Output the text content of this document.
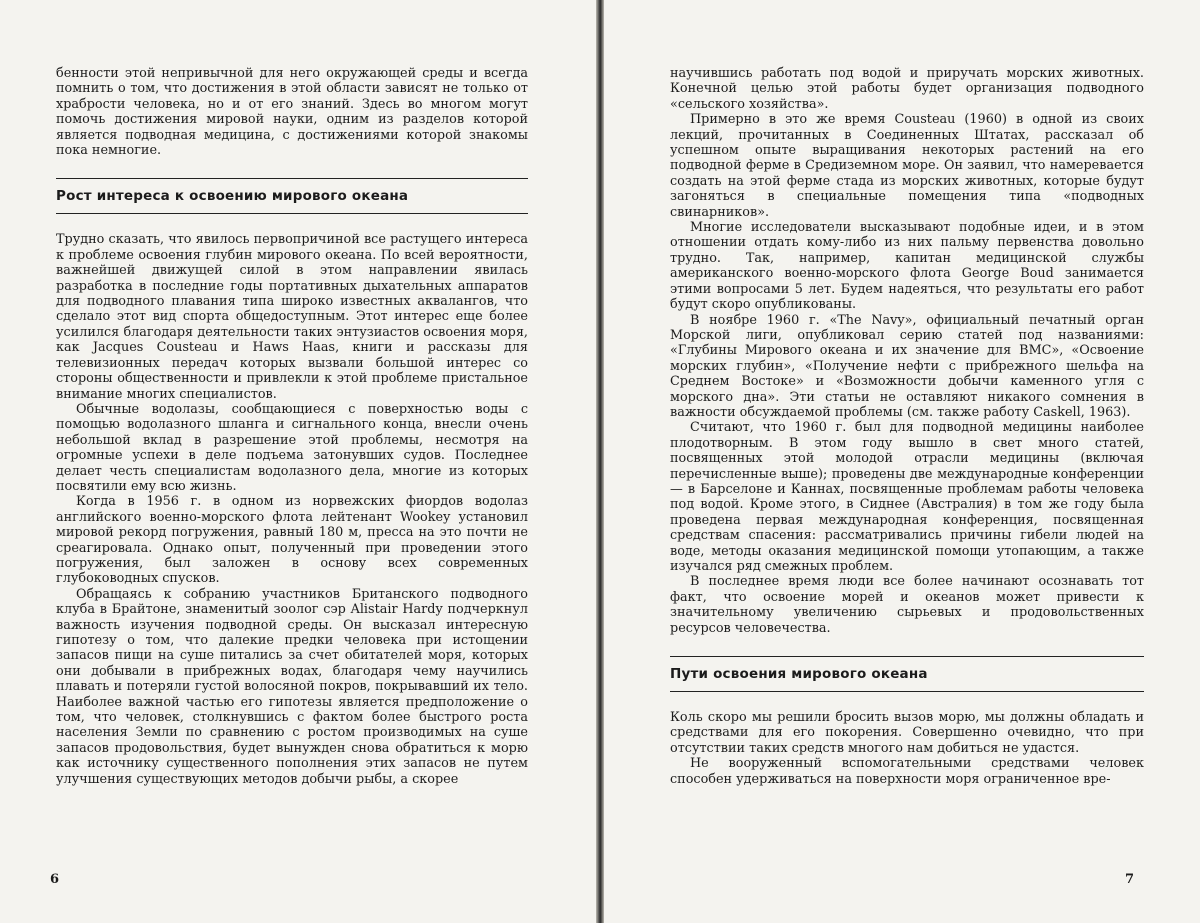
бенности этой непривычной для него окружающей среды и всегда помнить о том, что достижения в этой области зависят не только от храбрости человека, но и от его знаний. Здесь во многом могут помочь достижения мировой науки, одним из разделов которой является подводная медицина, с достижениями которой знакомы пока немногие.

Рост интереса к освоению мирового океана

Трудно сказать, что явилось первопричиной все растущего интереса к проблеме освоения глубин мирового океана. По всей вероятности, важнейшей движущей силой в этом направлении явилась разработка в последние годы портативных дыхательных аппаратов для подводного плавания типа широко известных аквалангов, что сделало этот вид спорта общедоступным. Этот интерес еще более усилился благодаря деятельности таких энтузиастов освоения моря, как Jacques Cousteau и Haws Haas, книги и рассказы для телевизионных передач которых вызвали большой интерес со стороны общественности и привлекли к этой проблеме пристальное внимание многих специалистов.

Обычные водолазы, сообщающиеся с поверхностью воды с помощью водолазного шланга и сигнального конца, внесли очень небольшой вклад в разрешение этой проблемы, несмотря на огромные успехи в деле подъема затонувших судов. Последнее делает честь специалистам водолазного дела, многие из которых посвятили ему всю жизнь.

Когда в 1956 г. в одном из норвежских фиордов водолаз английского военно-морского флота лейтенант Wookey установил мировой рекорд погружения, равный 180 м, пресса на это почти не среагировала. Однако опыт, полученный при проведении этого погружения, был заложен в основу всех современных глубоководных спусков.

Обращаясь к собранию участников Британского подводного клуба в Брайтоне, знаменитый зоолог сэр Alistair Hardy подчеркнул важность изучения подводной среды. Он высказал интересную гипотезу о том, что далекие предки человека при истощении запасов пищи на суше питались за счет обитателей моря, которых они добывали в прибрежных водах, благодаря чему научились плавать и потеряли густой волосяной покров, покрывавший их тело. Наиболее важной частью его гипотезы является предположение о том, что человек, столкнувшись с фактом более быстрого роста населения Земли по сравнению с ростом производимых на суше запасов продовольствия, будет вынужден снова обратиться к морю как источнику существенного пополнения этих запасов не путем улучшения существующих методов добычи рыбы, а скорее

6

научившись работать под водой и приручать морских животных. Конечной целью этой работы будет организация подводного «сельского хозяйства».

Примерно в это же время Cousteau (1960) в одной из своих лекций, прочитанных в Соединенных Штатах, рассказал об успешном опыте выращивания некоторых растений на его подводной ферме в Средиземном море. Он заявил, что намеревается создать на этой ферме стада из морских животных, которые будут загоняться в специальные помещения типа «подводных свинарников».

Многие исследователи высказывают подобные идеи, и в этом отношении отдать кому-либо из них пальму первенства довольно трудно. Так, например, капитан медицинской службы американского военно-морского флота George Boud занимается этими вопросами 5 лет. Будем надеяться, что результаты его работ будут скоро опубликованы.

В ноябре 1960 г. «The Navy», официальный печатный орган Морской лиги, опубликовал серию статей под названиями: «Глубины Мирового океана и их значение для ВМС», «Освоение морских глубин», «Получение нефти с прибрежного шельфа на Среднем Востоке» и «Возможности добычи каменного угля с морского дна». Эти статьи не оставляют никакого сомнения в важности обсуждаемой проблемы (см. также работу Caskell, 1963).

Считают, что 1960 г. был для подводной медицины наиболее плодотворным. В этом году вышло в свет много статей, посвященных этой молодой отрасли медицины (включая перечисленные выше); проведены две международные конференции — в Барселоне и Каннах, посвященные проблемам работы человека под водой. Кроме этого, в Сиднее (Австралия) в том же году была проведена первая международная конференция, посвященная средствам спасения: рассматривались причины гибели людей на воде, методы оказания медицинской помощи утопающим, а также изучался ряд смежных проблем.

В последнее время люди все более начинают осознавать тот факт, что освоение морей и океанов может привести к значительному увеличению сырьевых и продовольственных ресурсов человечества.

Пути освоения мирового океана

Коль скоро мы решили бросить вызов морю, мы должны обладать и средствами для его покорения. Совершенно очевидно, что при отсутствии таких средств многого нам добиться не удастся.

Не вооруженный вспомогательными средствами человек способен удерживаться на поверхности моря ограниченное вре-

7
